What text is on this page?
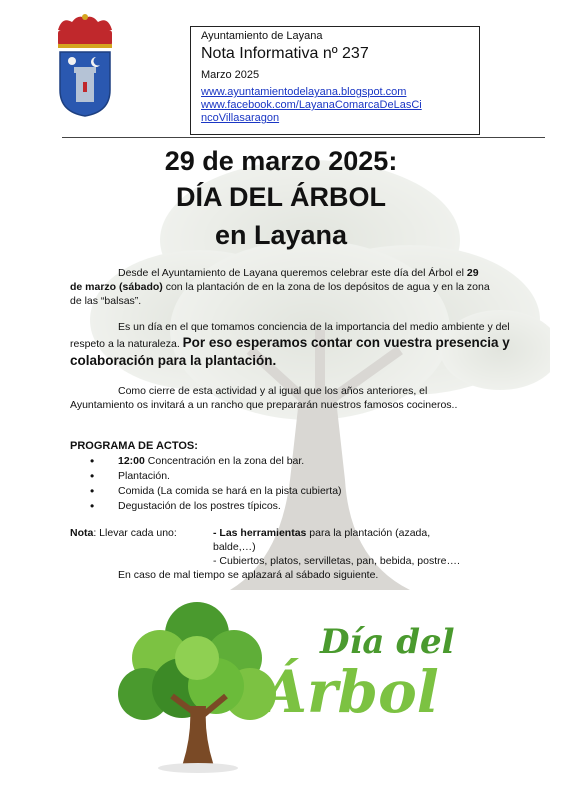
Ayuntamiento de Layana
Nota Informativa nº 237
Marzo 2025
www.ayuntamientodelayana.blogspot.com
www.facebook.com/LayanaComarcaDeLasCi
ncoVillasaragon
29 de marzo 2025:
DÍA DEL ÁRBOL
en Layana
Desde el Ayuntamiento de Layana queremos celebrar este día del Árbol el 29 de marzo (sábado) con la plantación de en la zona de los depósitos de agua y en la zona de las “balsas”.
Es un día en el que tomamos conciencia de la importancia del medio ambiente y del respeto a la naturaleza. Por eso esperamos contar con vuestra presencia y colaboración para la plantación.
Como cierre de esta actividad y al igual que los años anteriores, el Ayuntamiento os invitará a un rancho que prepararán nuestros famosos cocineros..
PROGRAMA DE ACTOS:
• 12:00 Concentración en la zona del bar.
• Plantación.
• Comida (La comida se hará en la pista cubierta)
• Degustación de los postres típicos.
Nota: Llevar cada uno:	- Las herramientas para la plantación (azada,
balde,…)
- Cubiertos, platos, servilletas, pan, bebida, postre….
En caso de mal tiempo se aplazará al sábado siguiente.
Día del
Árbol
